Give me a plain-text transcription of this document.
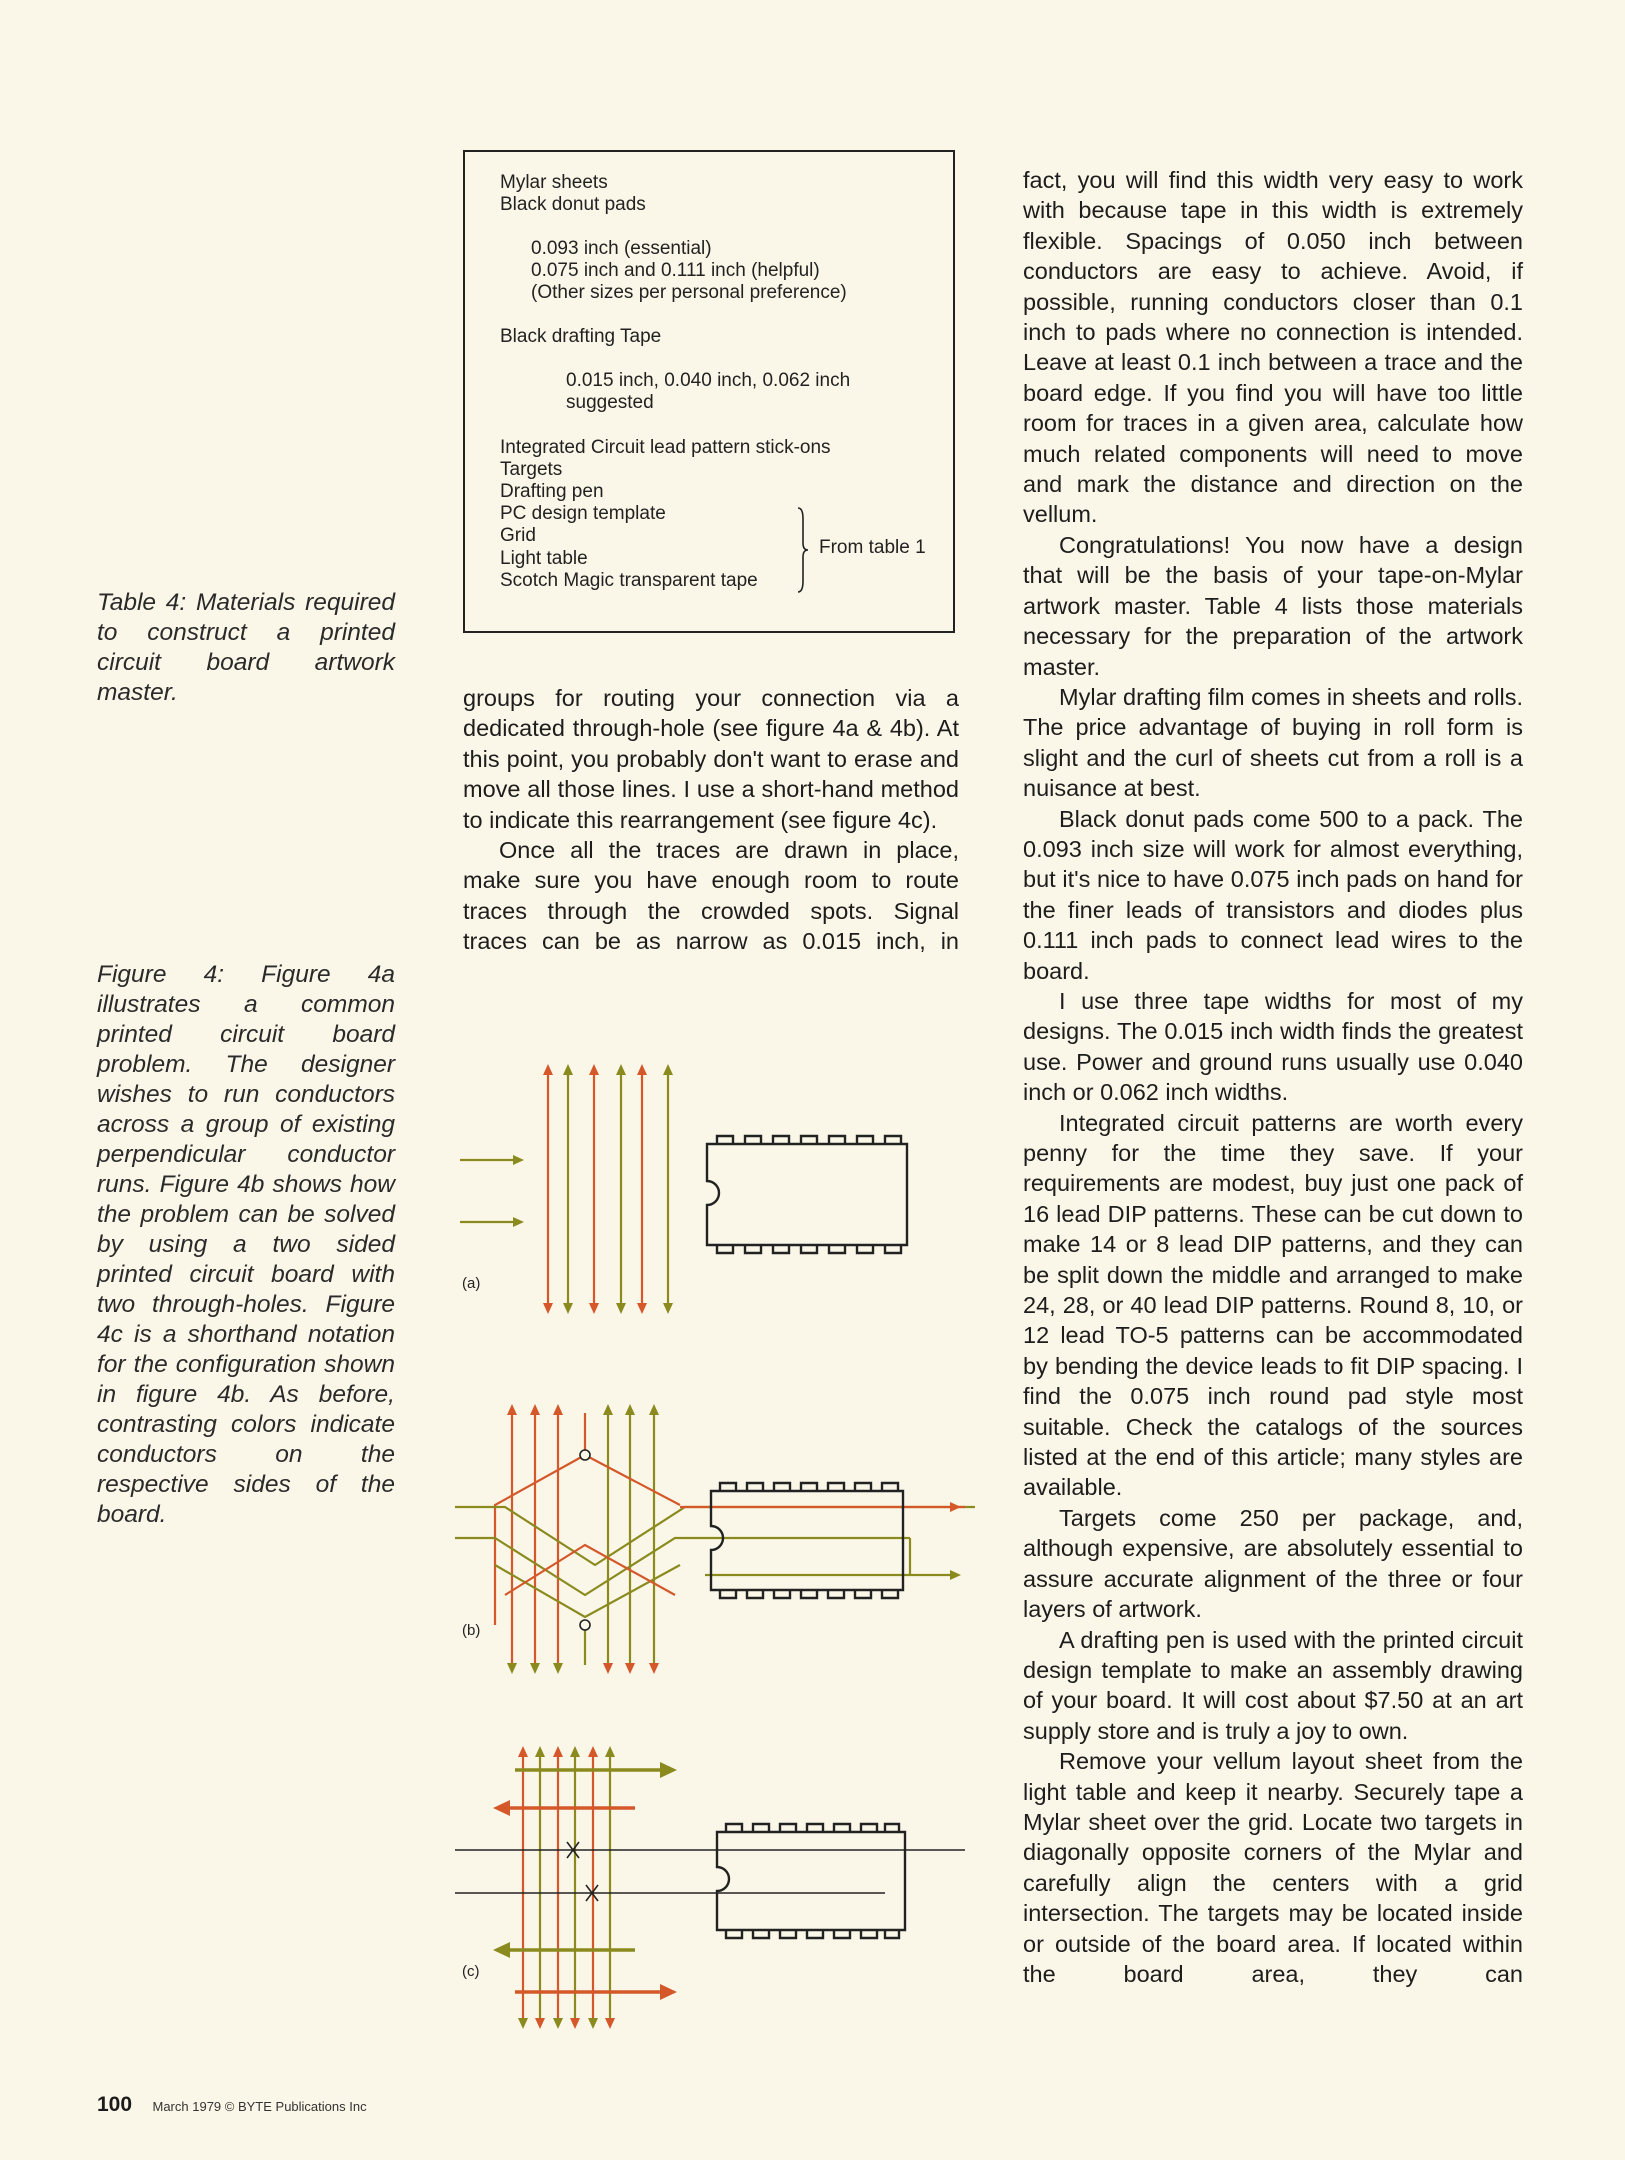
Table 4: Materials required to construct a printed circuit board artwork master.
Figure 4: Figure 4a illustrates a common printed circuit board problem. The designer wishes to run conductors across a group of existing perpendicular conductor runs. Figure 4b shows how the problem can be solved by using a two sided printed circuit board with two through-holes. Figure 4c is a shorthand notation for the configuration shown in figure 4b. As before, contrasting colors indicate conductors on the respective sides of the board.
Mylar sheets
Black donut pads
0.093 inch (essential)
0.075 inch and 0.111 inch (helpful)
(Other sizes per personal preference)
Black drafting Tape
0.015 inch, 0.040 inch, 0.062 inch
suggested
Integrated Circuit lead pattern stick-ons
Targets
Drafting pen
PC design template
Grid
Light table
Scotch Magic transparent tape
From table 1

groups for routing your connection via a dedicated through-hole (see figure 4a & 4b). At this point, you probably don't want to erase and move all those lines. I use a short-hand method to indicate this rearrangement (see figure 4c).

Once all the traces are drawn in place, make sure you have enough room to route traces through the crowded spots. Signal traces can be as narrow as 0.015 inch, in

fact, you will find this width very easy to work with because tape in this width is extremely flexible. Spacings of 0.050 inch between conductors are easy to achieve. Avoid, if possible, running conductors closer than 0.1 inch to pads where no connection is intended. Leave at least 0.1 inch between a trace and the board edge. If you find you will have too little room for traces in a given area, calculate how much related components will need to move and mark the distance and direction on the vellum.

Congratulations! You now have a design that will be the basis of your tape-on-Mylar artwork master. Table 4 lists those materials necessary for the preparation of the artwork master.

Mylar drafting film comes in sheets and rolls. The price advantage of buying in roll form is slight and the curl of sheets cut from a roll is a nuisance at best.

Black donut pads come 500 to a pack. The 0.093 inch size will work for almost everything, but it's nice to have 0.075 inch pads on hand for the finer leads of transistors and diodes plus 0.111 inch pads to connect lead wires to the board.

I use three tape widths for most of my designs. The 0.015 inch width finds the greatest use. Power and ground runs usually use 0.040 inch or 0.062 inch widths.

Integrated circuit patterns are worth every penny for the time they save. If your requirements are modest, buy just one pack of 16 lead DIP patterns. These can be cut down to make 14 or 8 lead DIP patterns, and they can be split down the middle and arranged to make 24, 28, or 40 lead DIP patterns. Round 8, 10, or 12 lead TO-5 patterns can be accommodated by bending the device leads to fit DIP spacing. I find the 0.075 inch round pad style most suitable. Check the catalogs of the sources listed at the end of this article; many styles are available.

Targets come 250 per package, and, although expensive, are absolutely essential to assure accurate alignment of the three or four layers of artwork.

A drafting pen is used with the printed circuit design template to make an assembly drawing of your board. It will cost about $7.50 at an art supply store and is truly a joy to own.

Remove your vellum layout sheet from the light table and keep it nearby. Securely tape a Mylar sheet over the grid. Locate two targets in diagonally opposite corners of the Mylar and carefully align the centers with a grid intersection. The targets may be located inside or outside of the board area. If located within the board area, they can

(a)
(b)
(c)
100 March 1979 © BYTE Publications Inc
